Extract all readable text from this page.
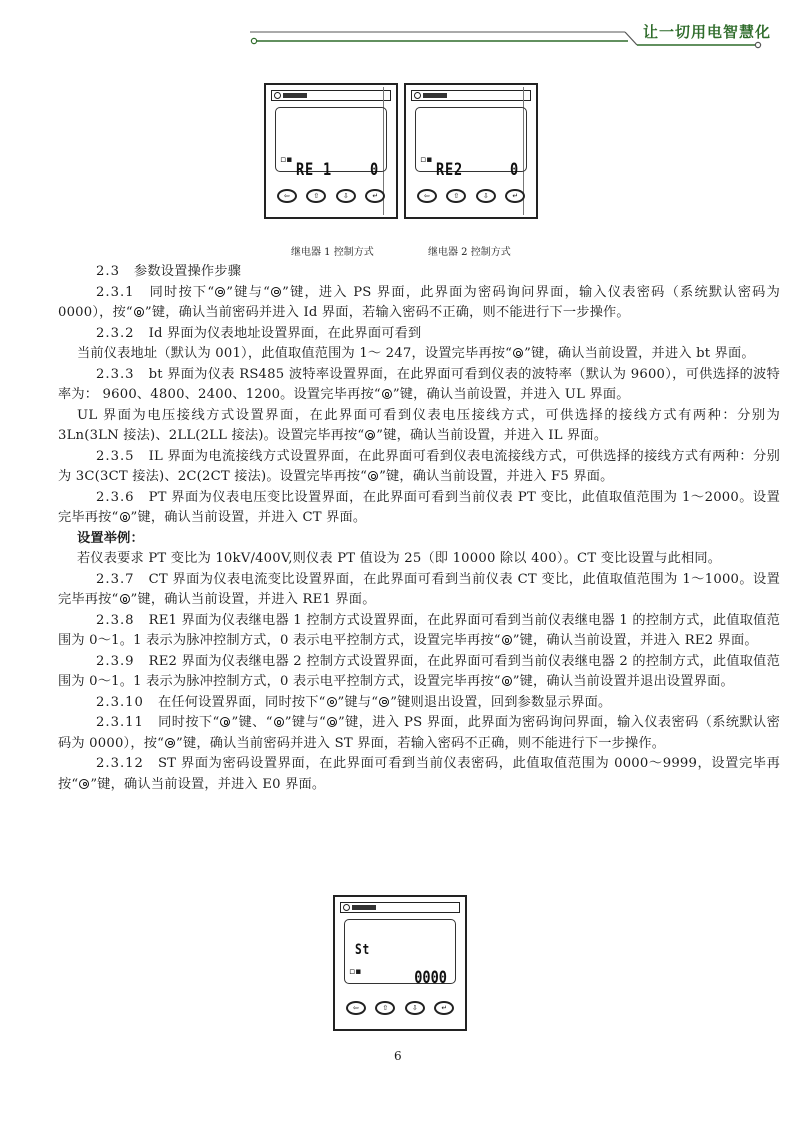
让一切用电智慧化
RE 1 0
▫▪
⇦	⇧	⇩	↵
RE2	0
▫▪
⇦	⇧	⇩	↵
继电器 1 控制方式	继电器 2 控制方式

2.3 参数设置操作步骤

2.3.1 同时按下“ ”键与“ ”键，进入 PS 界面，此界面为密码询问界面，输入仪表密码（系统默认密码为 0000），按“ ”键，确认当前密码并进入 Id 界面，若输入密码不正确，则不能进行下一步操作。

2.3.2 Id 界面为仪表地址设置界面，在此界面可看到

当前仪表地址（默认为 001），此值取值范围为 1～ 247，设置完毕再按“ ”键，确认当前设置，并进入 bt 界面。

2.3.3 bt 界面为仪表 RS485 波特率设置界面，在此界面可看到仪表的波特率（默认为 9600），可供选择的波特率为： 9600、4800、2400、1200。设置完毕再按“ ”键，确认当前设置，并进入 UL 界面。

UL 界面为电压接线方式设置界面，在此界面可看到仪表电压接线方式，可供选择的接线方式有两种：分别为 3Ln(3LN 接法)、2LL(2LL 接法)。设置完毕再按“ ”键，确认当前设置，并进入 IL 界面。

2.3.5 IL 界面为电流接线方式设置界面，在此界面可看到仪表电流接线方式，可供选择的接线方式有两种：分别为 3C(3CT 接法)、2C(2CT 接法)。设置完毕再按“ ”键，确认当前设置，并进入 F5 界面。

2.3.6 PT 界面为仪表电压变比设置界面，在此界面可看到当前仪表 PT 变比，此值取值范围为 1～2000。设置完毕再按“ ”键，确认当前设置，并进入 CT 界面。

设置举例：

若仪表要求 PT 变比为 10kV/400V,则仪表 PT 值设为 25（即 10000 除以 400）。CT 变比设置与此相同。

2.3.7 CT 界面为仪表电流变比设置界面，在此界面可看到当前仪表 CT 变比，此值取值范围为 1～1000。设置完毕再按“ ”键，确认当前设置，并进入 RE1 界面。

2.3.8 RE1 界面为仪表继电器 1 控制方式设置界面，在此界面可看到当前仪表继电器 1 的控制方式，此值取值范围为 0～1。1 表示为脉冲控制方式，0 表示电平控制方式，设置完毕再按“ ”键，确认当前设置，并进入 RE2 界面。

2.3.9 RE2 界面为仪表继电器 2 控制方式设置界面，在此界面可看到当前仪表继电器 2 的控制方式，此值取值范围为 0～1。1 表示为脉冲控制方式，0 表示电平控制方式，设置完毕再按“ ”键，确认当前设置并退出设置界面。

2.3.10 在任何设置界面，同时按下“ ”键与“ ”键则退出设置，回到参数显示界面。

2.3.11 同时按下“ ”键、“ ”键与“ ”键，进入 PS 界面，此界面为密码询问界面，输入仪表密码（系统默认密码为 0000），按“ ”键，确认当前密码并进入 ST 界面，若输入密码不正确，则不能进行下一步操作。

2.3.12 ST 界面为密码设置界面，在此界面可看到当前仪表密码，此值取值范围为 0000～9999，设置完毕再按“ ”键，确认当前设置，并进入 E0 界面。

St
0000
▫▪
⇦	⇧	⇩	↵
6
